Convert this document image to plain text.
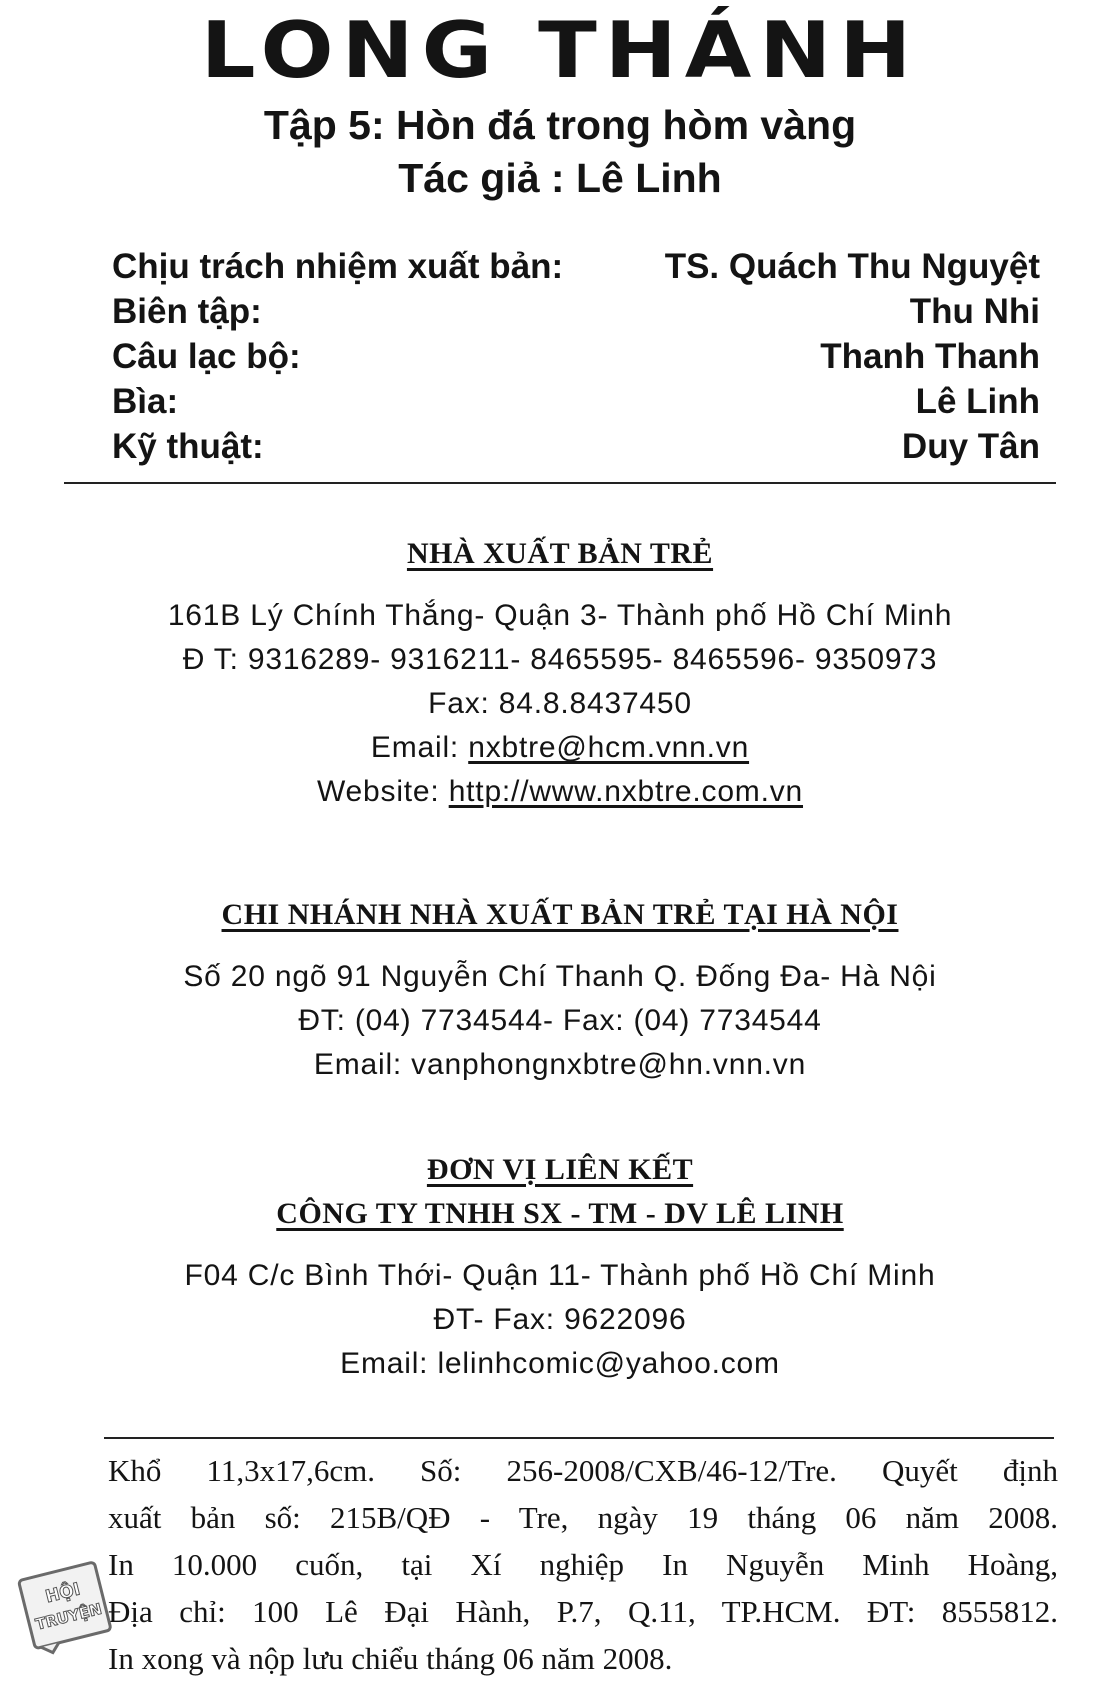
LONG THÁNH
Tập 5: Hòn đá trong hòm vàng
Tác giả : Lê Linh
Chịu trách nhiệm xuất bản:	TS. Quách Thu Nguyệt
Biên tập:	Thu Nhi
Câu lạc bộ:	Thanh Thanh
Bìa:	Lê Linh
Kỹ thuật:	Duy Tân
NHÀ XUẤT BẢN TRẺ
161B Lý Chính Thắng- Quận 3- Thành phố Hồ Chí Minh
Đ T: 9316289- 9316211- 8465595- 8465596- 9350973
Fax: 84.8.8437450
Email: nxbtre@hcm.vnn.vn
Website: http://www.nxbtre.com.vn
CHI NHÁNH NHÀ XUẤT BẢN TRẺ TẠI HÀ NỘI
Số 20 ngõ 91 Nguyễn Chí Thanh Q. Đống Đa- Hà Nội
ĐT: (04) 7734544- Fax: (04) 7734544
Email: vanphongnxbtre@hn.vnn.vn
ĐƠN VỊ LIÊN KẾT
CÔNG TY TNHH SX - TM - DV LÊ LINH
F04 C/c Bình Thới- Quận 11- Thành phố Hồ Chí Minh
ĐT- Fax: 9622096
Email: lelinhcomic@yahoo.com

Khổ 11,3x17,6cm. Số: 256-2008/CXB/46-12/Tre. Quyết định

xuất bản số: 215B/QĐ - Tre, ngày 19 tháng 06 năm 2008.

In 10.000 cuốn, tại Xí nghiệp In Nguyễn Minh Hoàng,

Địa chỉ: 100 Lê Đại Hành, P.7, Q.11, TP.HCM. ĐT: 8555812.

In xong và nộp lưu chiểu tháng 06 năm 2008.

HỘI
TRUYỆN
